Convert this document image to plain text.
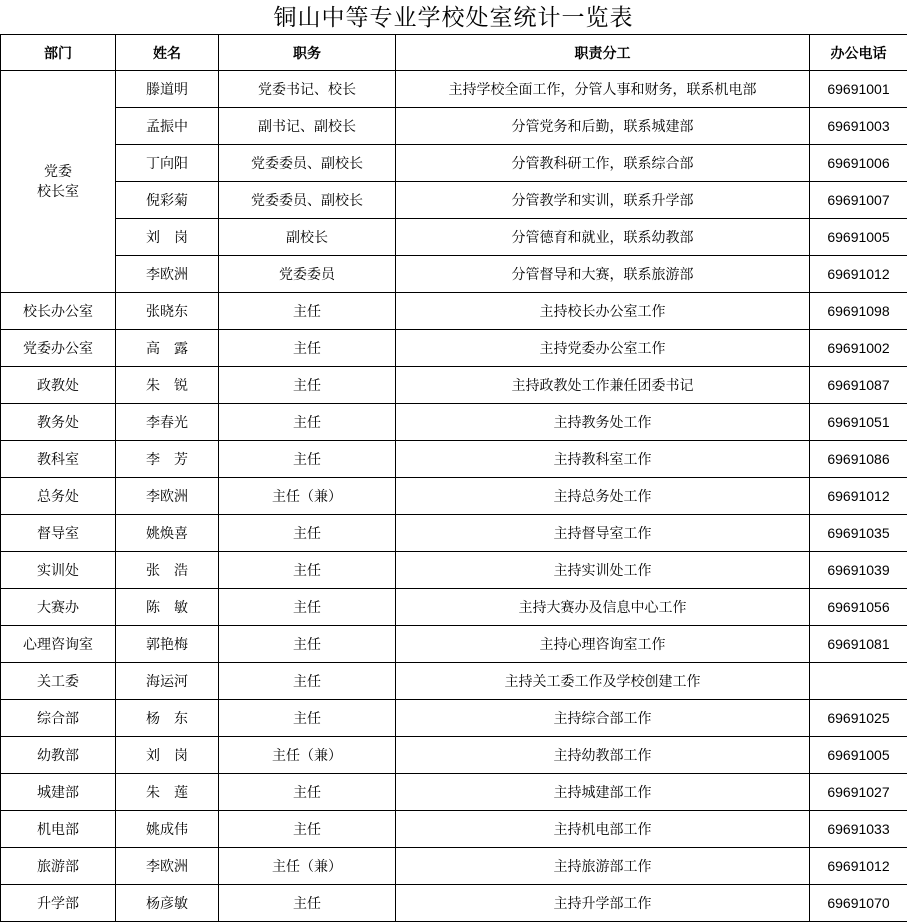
铜山中等专业学校处室统计一览表
部门	姓名	职务	职责分工	办公电话

党委
校长室	滕道明	党委书记、校长	主持学校全面工作，分管人事和财务，联系机电部	69691001
	孟振中	副书记、副校长	分管党务和后勤，联系城建部	69691003
	丁向阳	党委委员、副校长	分管教科研工作，联系综合部	69691006
	倪彩菊	党委委员、副校长	分管教学和实训，联系升学部	69691007
	刘　岗	副校长	分管德育和就业，联系幼教部	69691005
	李欧洲	党委委员	分管督导和大赛，联系旅游部	69691012
校长办公室	张晓东	主任	主持校长办公室工作	69691098
党委办公室	高　露	主任	主持党委办公室工作	69691002
政教处	朱　锐	主任	主持政教处工作兼任团委书记	69691087
教务处	李春光	主任	主持教务处工作	69691051
教科室	李　芳	主任	主持教科室工作	69691086
总务处	李欧洲	主任（兼）	主持总务处工作	69691012
督导室	姚焕喜	主任	主持督导室工作	69691035
实训处	张　浩	主任	主持实训处工作	69691039
大赛办	陈　敏	主任	主持大赛办及信息中心工作	69691056
心理咨询室	郭艳梅	主任	主持心理咨询室工作	69691081
关工委	海运河	主任	主持关工委工作及学校创建工作	
综合部	杨　东	主任	主持综合部工作	69691025
幼教部	刘　岗	主任（兼）	主持幼教部工作	69691005
城建部	朱　莲	主任	主持城建部工作	69691027
机电部	姚成伟	主任	主持机电部工作	69691033
旅游部	李欧洲	主任（兼）	主持旅游部工作	69691012
升学部	杨彦敏	主任	主持升学部工作	69691070
